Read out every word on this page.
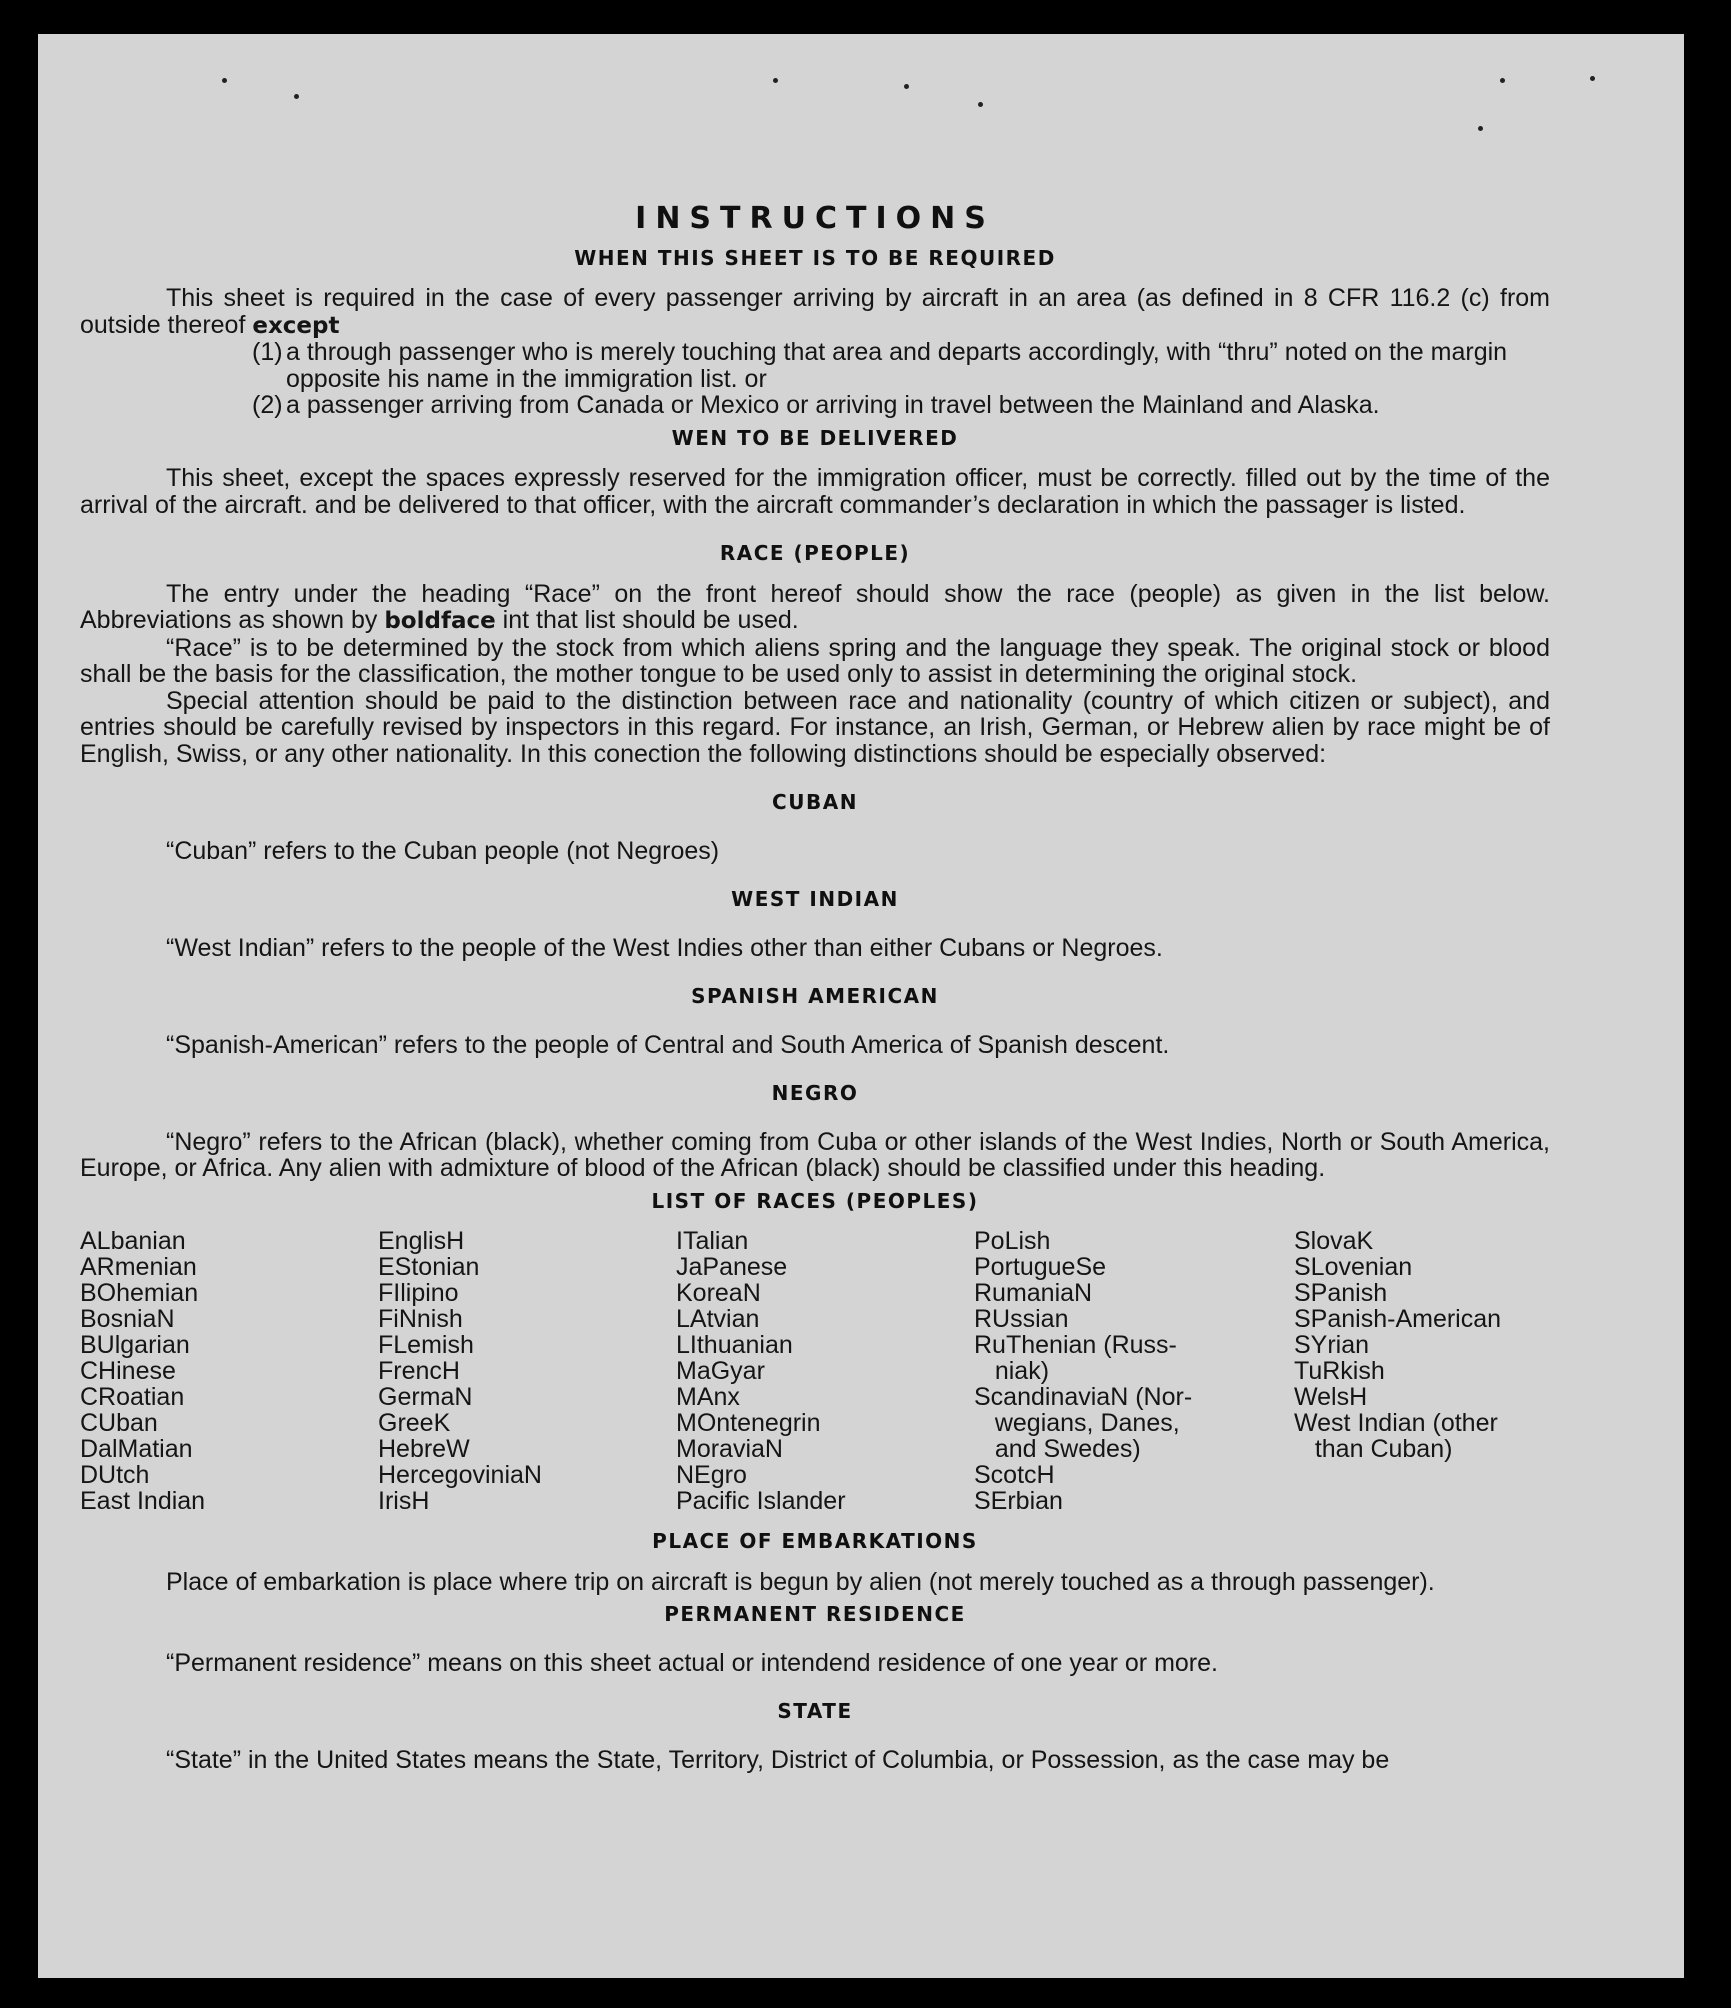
INSTRUCTIONS

WHEN THIS SHEET IS TO BE REQUIRED

This sheet is required in the case of every passenger arriving by aircraft in an area (as defined in 8 CFR 116.2 (c) from outside thereof except

(1) a through passenger who is merely touching that area and departs accordingly, with “thru” noted on the margin opposite his name in the immigration list. or

(2) a passenger arriving from Canada or Mexico or arriving in travel between the Mainland and Alaska.

WEN TO BE DELIVERED

This sheet, except the spaces expressly reserved for the immigration officer, must be correctly. filled out by the time of the arrival of the aircraft. and be delivered to that officer, with the aircraft commander’s declaration in which the passager is listed.

RACE (PEOPLE)

The entry under the heading “Race” on the front hereof should show the race (people) as given in the list below. Abbreviations as shown by boldface int that list should be used.

“Race” is to be determined by the stock from which aliens spring and the language they speak. The original stock or blood shall be the basis for the classification, the mother tongue to be used only to assist in determining the original stock.

Special attention should be paid to the distinction between race and nationality (country of which citizen or subject), and entries should be carefully revised by inspectors in this regard. For instance, an Irish, German, or Hebrew alien by race might be of English, Swiss, or any other nationality. In this conection the following distinctions should be especially observed:

CUBAN

“Cuban” refers to the Cuban people (not Negroes)

WEST INDIAN

“West Indian” refers to the people of the West Indies other than either Cubans or Negroes.

SPANISH AMERICAN

“Spanish-American” refers to the people of Central and South America of Spanish descent.

NEGRO

“Negro” refers to the African (black), whether coming from Cuba or other islands of the West Indies, North or South America, Europe, or Africa. Any alien with admixture of blood of the African (black) should be classified under this heading.

LIST OF RACES (PEOPLES)

ALbanian
ARmenian
BOhemian
BosniaN
BUlgarian
CHinese
CRoatian
CUban
DalMatian
DUtch
East Indian
EnglisH
EStonian
FIlipino
FiNnish
FLemish
FrencH
GermaN
GreeK
HebreW
HercegoviniaN
IrisH
ITalian
JaPanese
KoreaN
LAtvian
LIthuanian
MaGyar
MAnx
MOntenegrin
MoraviaN
NEgro
Pacific Islander
PoLish
PortugueSe
RumaniaN
RUssian
RuThenian (Russ-
niak)
ScandinaviaN (Nor-
wegians, Danes,
and Swedes)
ScotcH
SErbian
SlovaK
SLovenian
SPanish
SPanish-American
SYrian
TuRkish
WelsH
West Indian (other
than Cuban)

PLACE OF EMBARKATIONS

Place of embarkation is place where trip on aircraft is begun by alien (not merely touched as a through passenger).

PERMANENT RESIDENCE

“Permanent residence” means on this sheet actual or intendend residence of one year or more.

STATE

“State” in the United States means the State, Territory, District of Columbia, or Possession, as the case may be
